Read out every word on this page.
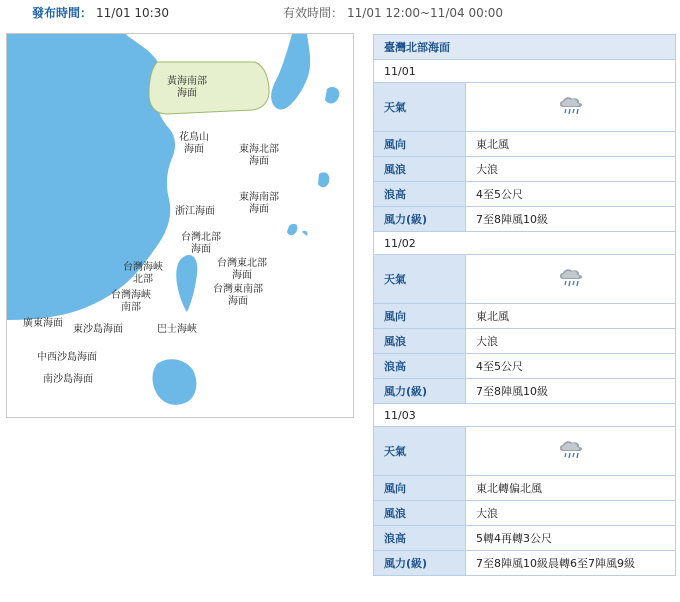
發布時間： 11/01 10:30	有效時間： 11/01 12:00~11/04 00:00
黃海南部
海面
花鳥山
海面	東海北部
海面
東海南部
海面
浙江海面
台灣北部
海面
台灣海峽
北部
台灣東北部
海面
台灣海峽
南部
台灣東南部
海面
廣東海面
東沙島海面	巴士海峽
中西沙島海面
南沙島海面
臺灣北部海面	
11/01	
天氣	
風向	東北風
風浪	大浪
浪高	4至5公尺
風力(級)	7至8陣風10級
11/02	
天氣	
風向	東北風
風浪	大浪
浪高	4至5公尺
風力(級)	7至8陣風10級
11/03	
天氣	
風向	東北轉偏北風
風浪	大浪
浪高	5轉4再轉3公尺
風力(級)	7至8陣風10級晨轉6至7陣風9級
